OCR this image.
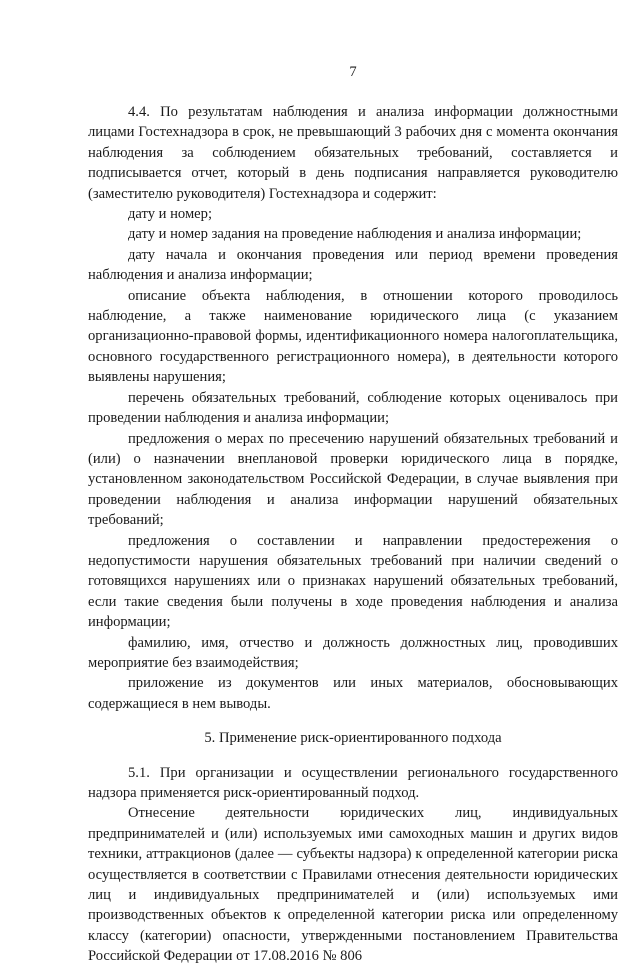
7

4.4. По результатам наблюдения и анализа информации должностными лицами Гостехнадзора в срок, не превышающий 3 рабочих дня с момента окончания наблюдения за соблюдением обязательных требований, составляется и подписывается отчет, который в день подписания направляется руководителю (заместителю руководителя) Гостехнадзора и содержит:

дату и номер;

дату и номер задания на проведение наблюдения и анализа информации;

дату начала и окончания проведения или период времени проведения наблюдения и анализа информации;

описание объекта наблюдения, в отношении которого проводилось наблюдение, а также наименование юридического лица (с указанием организационно-правовой формы, идентификационного номера налогоплательщика, основного государственного регистрационного номера), в деятельности которого выявлены нарушения;

перечень обязательных требований, соблюдение которых оценивалось при проведении наблюдения и анализа информации;

предложения о мерах по пресечению нарушений обязательных требований и (или) о назначении внеплановой проверки юридического лица в порядке, установленном законодательством Российской Федерации, в случае выявления при проведении наблюдения и анализа информации нарушений обязательных требований;

предложения о составлении и направлении предостережения о недопустимости нарушения обязательных требований при наличии сведений о готовящихся нарушениях или о признаках нарушений обязательных требований, если такие сведения были получены в ходе проведения наблюдения и анализа информации;

фамилию, имя, отчество и должность должностных лиц, проводивших мероприятие без взаимодействия;

приложение из документов или иных материалов, обосновывающих содержащиеся в нем выводы.

5. Применение риск-ориентированного подхода

5.1. При организации и осуществлении регионального государственного надзора применяется риск-ориентированный подход.

Отнесение деятельности юридических лиц, индивидуальных предпринимателей и (или) используемых ими самоходных машин и других видов техники, аттракционов (далее — субъекты надзора) к определенной категории риска осуществляется в соответствии с Правилами отнесения деятельности юридических лиц и индивидуальных предпринимателей и (или) используемых ими производственных объектов к определенной категории риска или определенному классу (категории) опасности, утвержденными постановлением Правительства Российской Федерации от 17.08.2016 № 806
